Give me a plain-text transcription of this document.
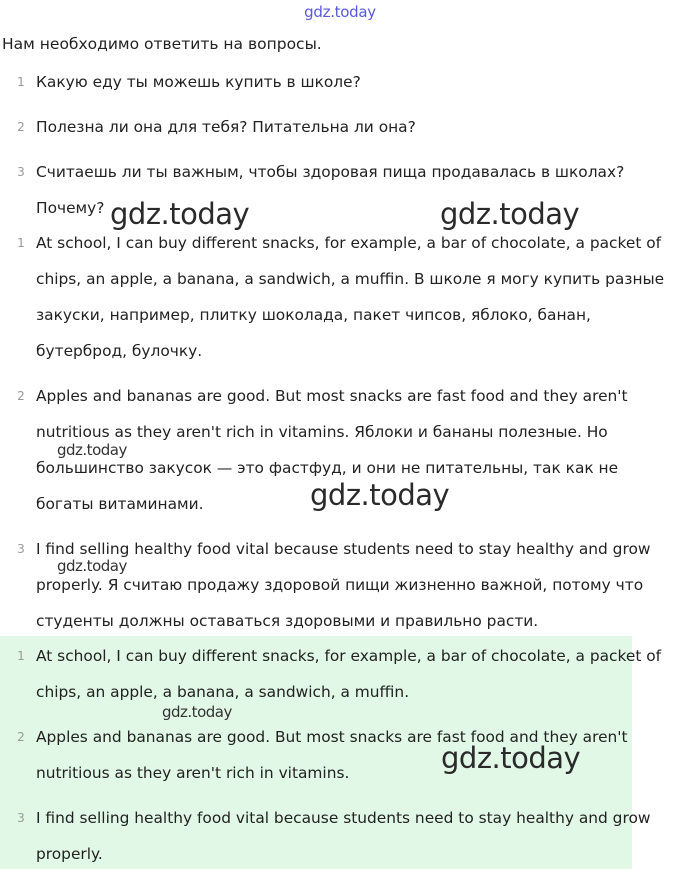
gdz.today
Нам необходимо ответить на вопросы.
1 Какую еду ты можешь купить в школе?
2 Полезна ли она для тебя? Питательна ли она?
3 Считаешь ли ты важным, чтобы здоровая пища продавалась в школах? Почему?
1 At school, I can buy different snacks, for example, a bar of chocolate, a packet of chips, an apple, a banana, a sandwich, a muffin. В школе я могу купить разные закуски, например, плитку шоколада, пакет чипсов, яблоко, банан, бутерброд, булочку.
2 Apples and bananas are good. But most snacks are fast food and they aren't nutritious as they aren't rich in vitamins. Яблоки и бананы полезные. Но большинство закусок — это фастфуд, и они не питательны, так как не богаты витаминами.
3 I find selling healthy food vital because students need to stay healthy and grow properly. Я считаю продажу здоровой пищи жизненно важной, потому что студенты должны оставаться здоровыми и правильно расти.
1 At school, I can buy different snacks, for example, a bar of chocolate, a packet of chips, an apple, a banana, a sandwich, a muffin.
2 Apples and bananas are good. But most snacks are fast food and they aren't nutritious as they aren't rich in vitamins.
3 I find selling healthy food vital because students need to stay healthy and grow properly.
gdz.today	gdz.today
gdz.today
gdz.today
gdz.today
gdz.today
gdz.today
